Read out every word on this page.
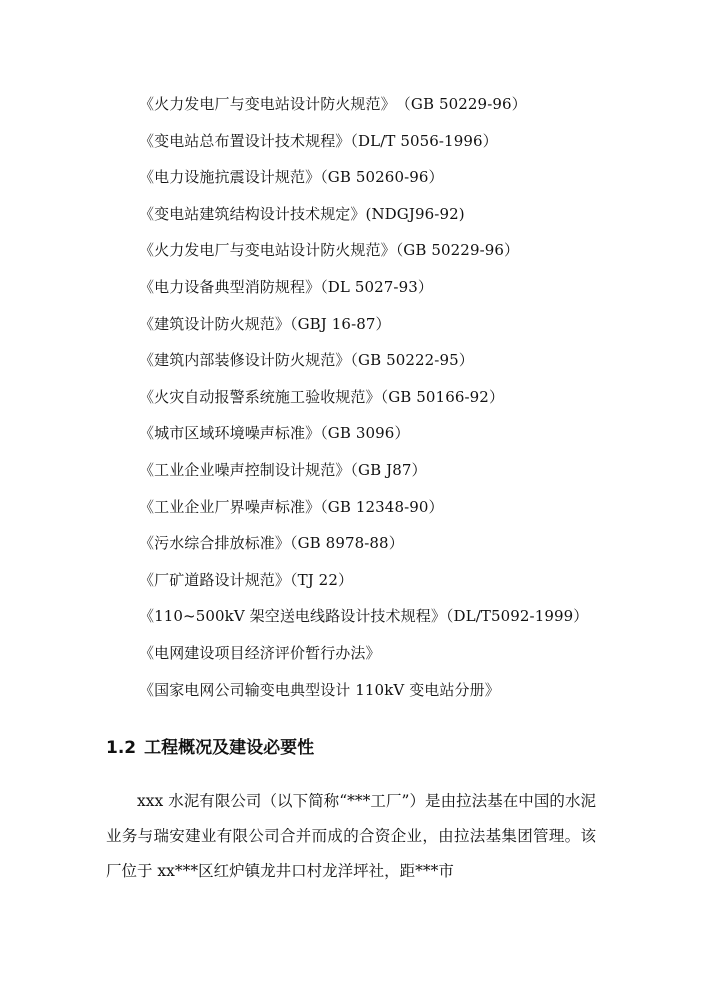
《火力发电厂与变电站设计防火规范》　（GB 50229-96）
《变电站总布置设计技术规程》（DL/T 5056-1996）
《电力设施抗震设计规范》（GB 50260-96）
《变电站建筑结构设计技术规定》(NDGJ96-92)
《火力发电厂与变电站设计防火规范》（GB 50229-96）
《电力设备典型消防规程》（DL 5027-93）
《建筑设计防火规范》（GBJ 16-87）
《建筑内部装修设计防火规范》（GB 50222-95）
《火灾自动报警系统施工验收规范》（GB 50166-92）
《城市区域环境噪声标准》（GB 3096）
《工业企业噪声控制设计规范》（GB J87）
《工业企业厂界噪声标准》（GB 12348-90）
《污水综合排放标准》（GB 8978-88）
《厂矿道路设计规范》（TJ 22）
《110~500kV 架空送电线路设计技术规程》（DL/T5092-1999）
《电网建设项目经济评价暂行办法》
《国家电网公司输变电典型设计 110kV 变电站分册》
1.2 工程概况及建设必要性

xxx 水泥有限公司（以下简称“***工厂”）是由拉法基在中国的水泥业务与瑞安建业有限公司合并而成的合资企业，由拉法基集团管理。该厂位于 xx***区红炉镇龙井口村龙洋坪社，距***市
